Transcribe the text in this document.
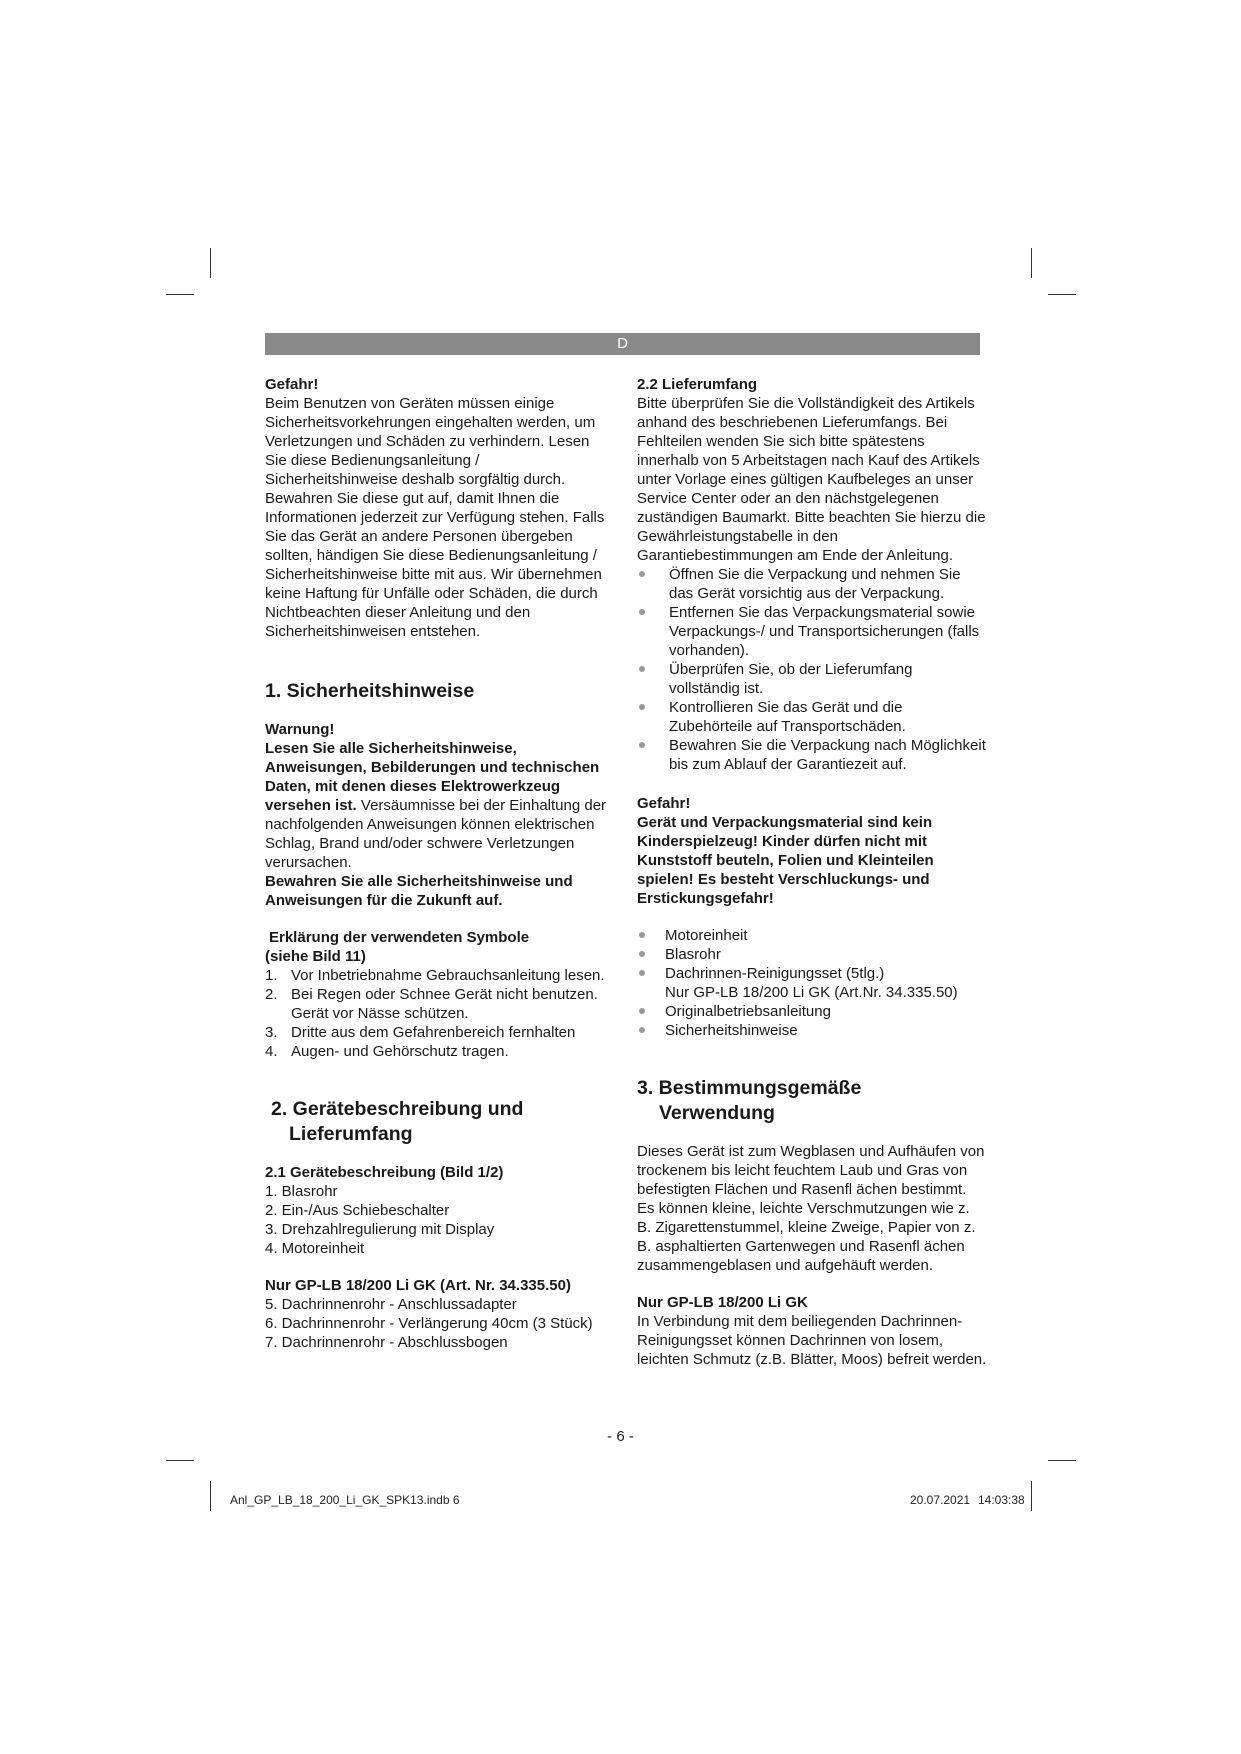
D

Gefahr!

Beim Benutzen von Geräten müssen einige Sicherheitsvorkehrungen eingehalten werden, um Verletzungen und Schäden zu verhindern. Lesen Sie diese Bedienungsanleitung / Sicherheitshinweise deshalb sorgfältig durch. Bewahren Sie diese gut auf, damit Ihnen die Informationen jederzeit zur Verfügung stehen. Falls Sie das Gerät an andere Personen übergeben sollten, händigen Sie diese Bedienungsanleitung / Sicherheitshinweise bitte mit aus. Wir übernehmen keine Haftung für Unfälle oder Schäden, die durch Nichtbeachten dieser Anleitung und den Sicherheitshinweisen entstehen.

1. Sicherheitshinweise

Warnung!

Lesen Sie alle Sicherheitshinweise, Anweisungen, Bebilderungen und technischen Daten, mit denen dieses Elektrowerkzeug versehen ist. Versäumnisse bei der Einhaltung der nachfolgenden Anweisungen können elektrischen Schlag, Brand und/oder schwere Verletzungen verursachen.

Bewahren Sie alle Sicherheitshinweise und Anweisungen für die Zukunft auf.

Erklärung der verwendeten Symbole

(siehe Bild 11)

1. Vor Inbetriebnahme Gebrauchsanleitung lesen.
2. Bei Regen oder Schnee Gerät nicht benutzen. Gerät vor Nässe schützen.
3. Dritte aus dem Gefahrenbereich fernhalten
4. Augen- und Gehörschutz tragen.

2. Gerätebeschreibung und

Lieferumfang

2.1 Gerätebeschreibung (Bild 1/2)

1. Blasrohr

2. Ein-/Aus Schiebeschalter

3. Drehzahlregulierung mit Display

4. Motoreinheit

Nur GP-LB 18/200 Li GK (Art. Nr. 34.335.50)

5. Dachrinnenrohr - Anschlussadapter

6. Dachrinnenrohr - Verlängerung 40cm (3 Stück)

7. Dachrinnenrohr - Abschlussbogen

2.2 Lieferumfang

Bitte überprüfen Sie die Vollständigkeit des Artikels anhand des beschriebenen Lieferumfangs. Bei Fehlteilen wenden Sie sich bitte spätestens innerhalb von 5 Arbeitstagen nach Kauf des Artikels unter Vorlage eines gültigen Kaufbeleges an unser Service Center oder an den nächstgelegenen zuständigen Baumarkt. Bitte beachten Sie hierzu die Gewährleistungstabelle in den Garantiebestimmungen am Ende der Anleitung.

Öffnen Sie die Verpackung und nehmen Sie das Gerät vorsichtig aus der Verpackung.
Entfernen Sie das Verpackungsmaterial sowie Verpackungs-/ und Transportsicherungen (falls vorhanden).
Überprüfen Sie, ob der Lieferumfang vollständig ist.
Kontrollieren Sie das Gerät und die Zubehörteile auf Transportschäden.
Bewahren Sie die Verpackung nach Möglichkeit bis zum Ablauf der Garantiezeit auf.

Gefahr!

Gerät und Verpackungsmaterial sind kein Kinderspielzeug! Kinder dürfen nicht mit Kunststoff beuteln, Folien und Kleinteilen spielen! Es besteht Verschluckungs- und Erstickungsgefahr!

Motoreinheit
Blasrohr
Dachrinnen-Reinigungsset (5tlg.)
Nur GP-LB 18/200 Li GK (Art.Nr. 34.335.50)
Originalbetriebsanleitung
Sicherheitshinweise

3. Bestimmungsgemäße

Verwendung

Dieses Gerät ist zum Wegblasen und Aufhäufen von trockenem bis leicht feuchtem Laub und Gras von befestigten Flächen und Rasenfl ächen bestimmt. Es können kleine, leichte Verschmutzungen wie z. B. Zigarettenstummel, kleine Zweige, Papier von z. B. asphaltierten Gartenwegen und Rasenfl ächen zusammengeblasen und aufgehäuft werden.

Nur GP-LB 18/200 Li GK

In Verbindung mit dem beiliegenden Dachrinnen-Reinigungsset können Dachrinnen von losem, leichten Schmutz (z.B. Blätter, Moos) befreit werden.

- 6 -
Anl_GP_LB_18_200_Li_GK_SPK13.indb 6	20.07.2021 14:03:38
